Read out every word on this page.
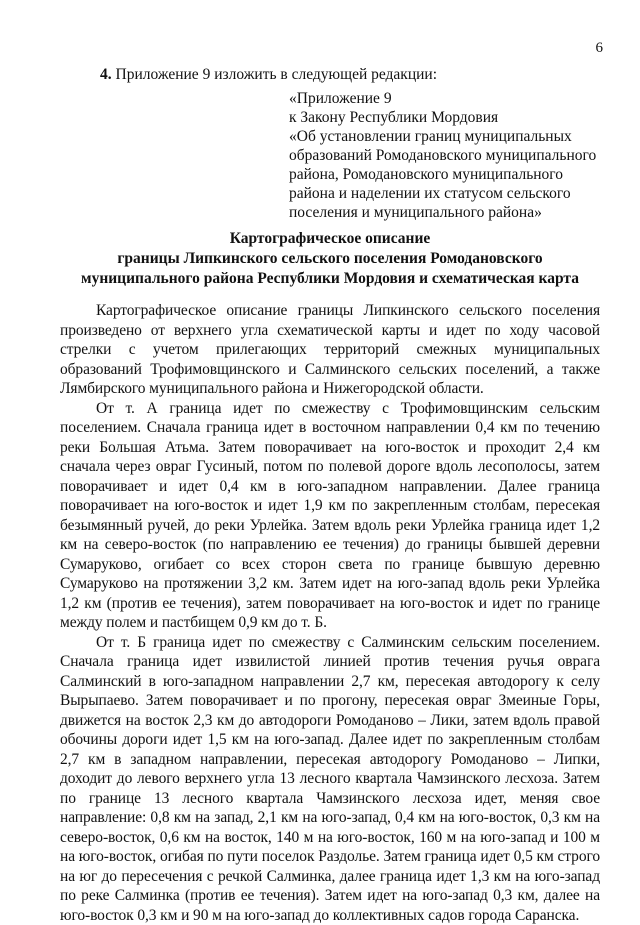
6
4. Приложение 9 изложить в следующей редакции:
«Приложение 9
к Закону Республики Мордовия
«Об установлении границ муниципальных
образований Ромодановского муниципального
района, Ромодановского муниципального
района и наделении их статусом сельского
поселения и муниципального района»
Картографическое описание
границы Липкинского сельского поселения Ромодановского
муниципального района Республики Мордовия и схематическая карта

Картографическое описание границы Липкинского сельского поселения произведено от верхнего угла схематической карты и идет по ходу часовой стрелки с учетом прилегающих территорий смежных муниципальных образований Трофимовщинского и Салминского сельских поселений, а также Лямбирского муниципального района и Нижегородской области.

От т. А граница идет по смежеству с Трофимовщинским сельским поселением. Сначала граница идет в восточном направлении 0,4 км по течению реки Большая Атьма. Затем поворачивает на юго-восток и проходит 2,4 км сначала через овраг Гусиный, потом по полевой дороге вдоль лесополосы, затем поворачивает и идет 0,4 км в юго-западном направлении. Далее граница поворачивает на юго-восток и идет 1,9 км по закрепленным столбам, пересекая безымянный ручей, до реки Урлейка. Затем вдоль реки Урлейка граница идет 1,2 км на северо-восток (по направлению ее течения) до границы бывшей деревни Сумаруково, огибает со всех сторон света по границе бывшую деревню Сумаруково на протяжении 3,2 км. Затем идет на юго-запад вдоль реки Урлейка 1,2 км (против ее течения), затем поворачивает на юго-восток и идет по границе между полем и пастбищем 0,9 км до т. Б.

От т. Б граница идет по смежеству с Салминским сельским поселением. Сначала граница идет извилистой линией против течения ручья оврага Салминский в юго-западном направлении 2,7 км, пересекая автодорогу к селу Вырыпаево. Затем поворачивает и по прогону, пересекая овраг Змеиные Горы, движется на восток 2,3 км до автодороги Ромоданово – Лики, затем вдоль правой обочины дороги идет 1,5 км на юго-запад. Далее идет по закрепленным столбам 2,7 км в западном направлении, пересекая автодорогу Ромоданово – Липки, доходит до левого верхнего угла 13 лесного квартала Чамзинского лесхоза. Затем по границе 13 лесного квартала Чамзинского лесхоза идет, меняя свое направление: 0,8 км на запад, 2,1 км на юго-запад, 0,4 км на юго-восток, 0,3 км на северо-восток, 0,6 км на восток, 140 м на юго-восток, 160 м на юго-запад и 100 м на юго-восток, огибая по пути поселок Раздолье. Затем граница идет 0,5 км строго на юг до пересечения с речкой Салминка, далее граница идет 1,3 км на юго-запад по реке Салминка (против ее течения). Затем идет на юго-запад 0,3 км, далее на юго-восток 0,3 км и 90 м на юго-запад до коллективных садов города Саранска.
